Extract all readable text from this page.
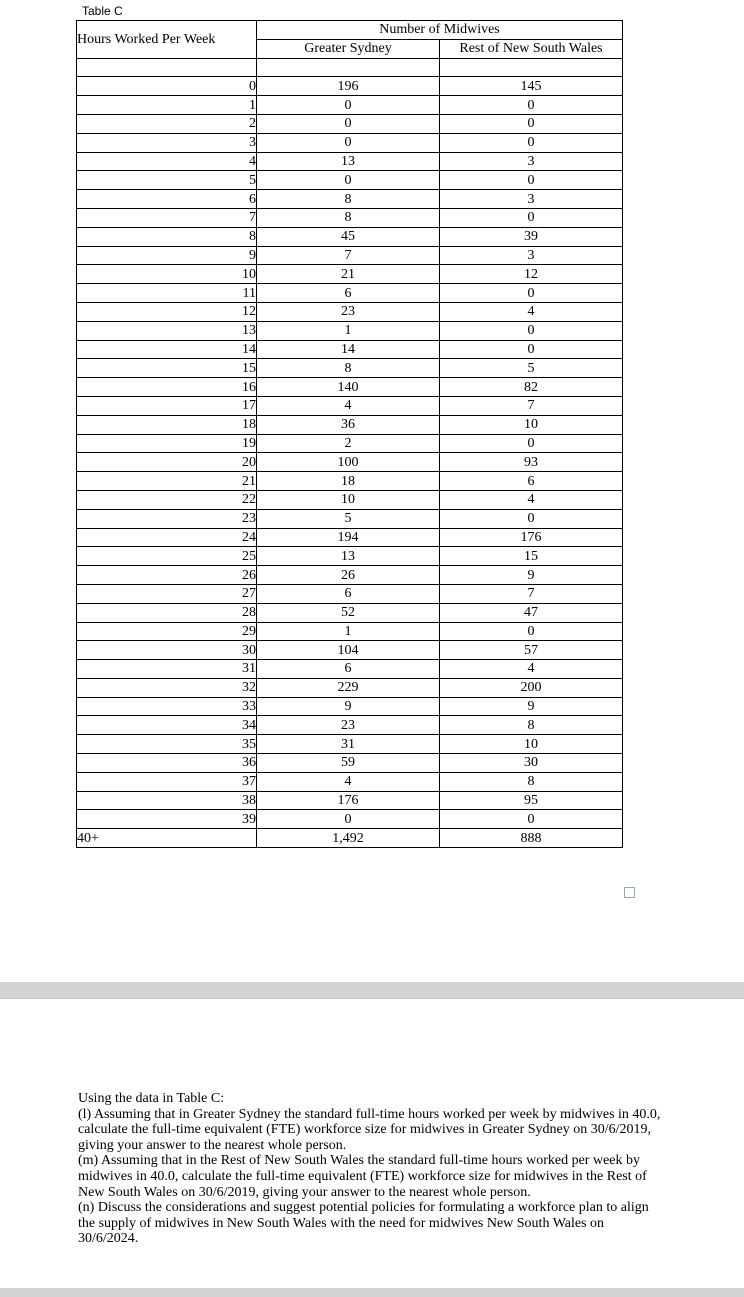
Table C
Hours Worked Per Week	Number of Midwives	
	Greater Sydney	Rest of New South Wales

0	196	145
1	0	0
2	0	0
3	0	0
4	13	3
5	0	0
6	8	3
7	8	0
8	45	39
9	7	3
10	21	12
11	6	0
12	23	4
13	1	0
14	14	0
15	8	5
16	140	82
17	4	7
18	36	10
19	2	0
20	100	93
21	18	6
22	10	4
23	5	0
24	194	176
25	13	15
26	26	9
27	6	7
28	52	47
29	1	0
30	104	57
31	6	4
32	229	200
33	9	9
34	23	8
35	31	10
36	59	30
37	4	8
38	176	95
39	0	0
40+	1,492	888

Using the data in Table C:

(l) Assuming that in Greater Sydney the standard full-time hours worked per week by midwives in 40.0, calculate the full-time equivalent (FTE) workforce size for midwives in Greater Sydney on 30/6/2019, giving your answer to the nearest whole person.

(m) Assuming that in the Rest of New South Wales the standard full-time hours worked per week by midwives in 40.0, calculate the full-time equivalent (FTE) workforce size for midwives in the Rest of New South Wales on 30/6/2019, giving your answer to the nearest whole person.

(n) Discuss the considerations and suggest potential policies for formulating a workforce plan to align the supply of midwives in New South Wales with the need for midwives New South Wales on 30/6/2024.
